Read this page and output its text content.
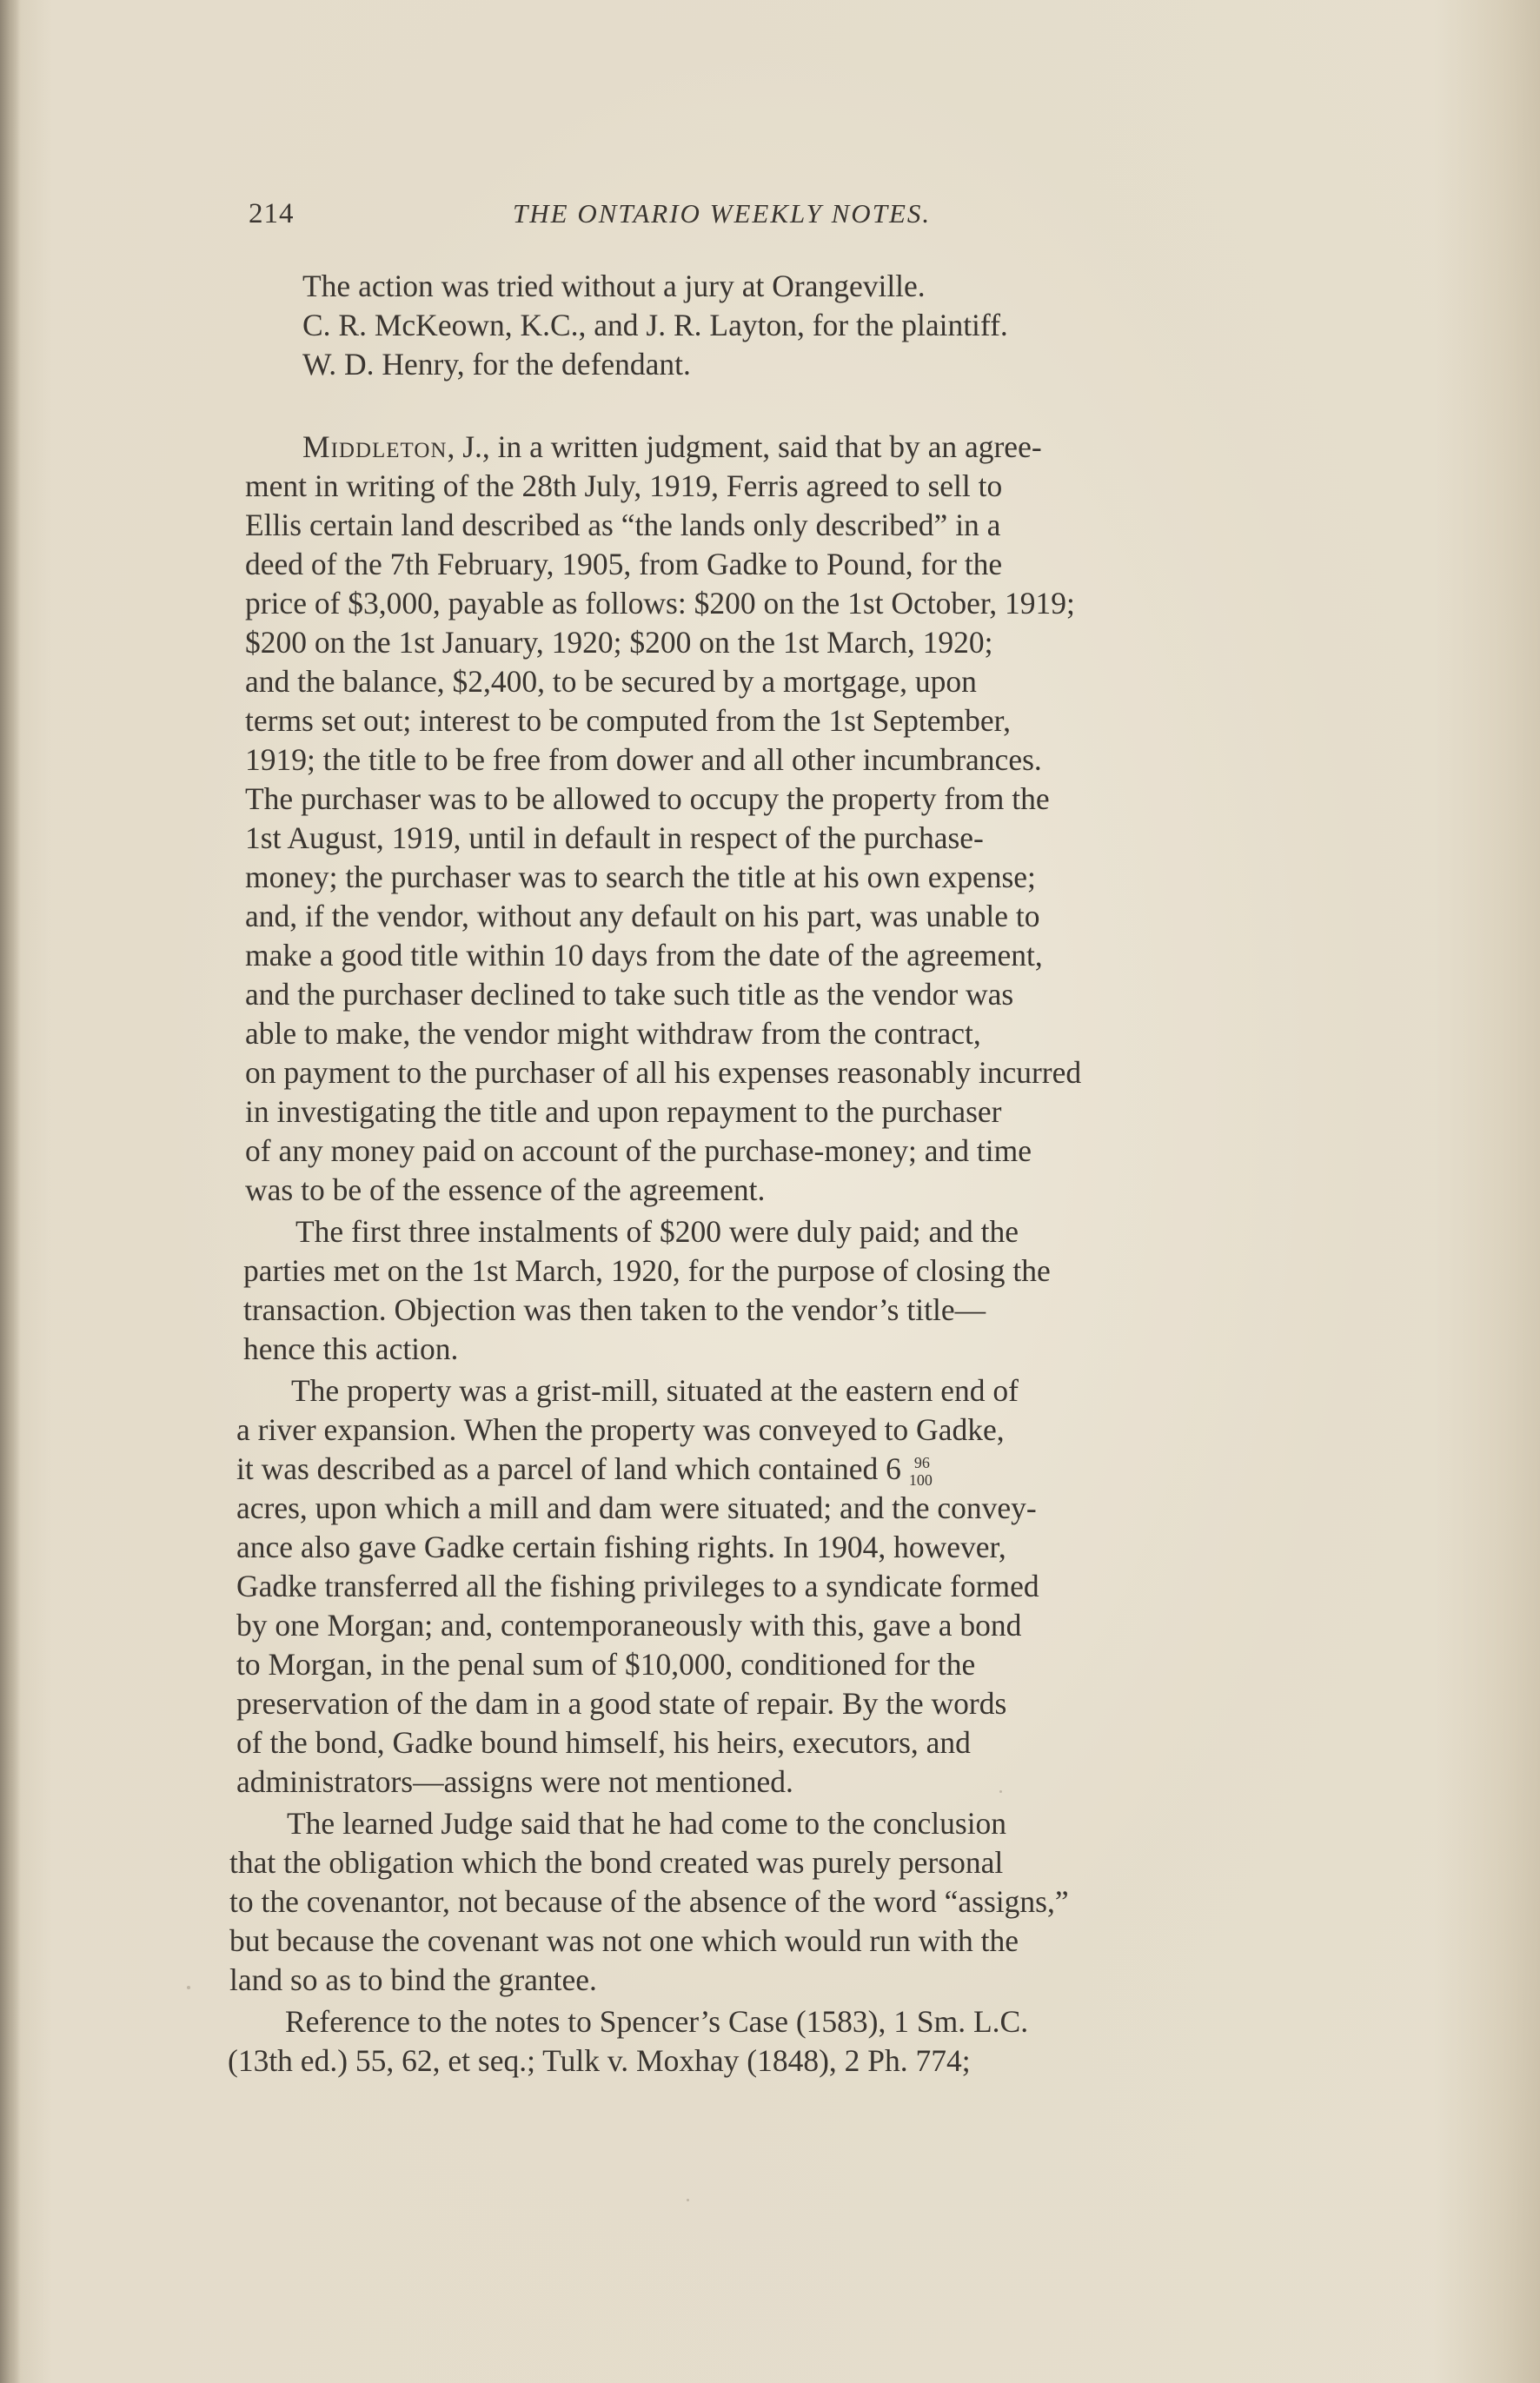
214	THE ONTARIO WEEKLY NOTES.
The action was tried without a jury at Orangeville.
C. R. McKeown, K.C., and J. R. Layton, for the plaintiff.
W. D. Henry, for the defendant.
Middleton, J., in a written judgment, said that by an agree-
ment in writing of the 28th July, 1919, Ferris agreed to sell to
Ellis certain land described as “the lands only described” in a
deed of the 7th February, 1905, from Gadke to Pound, for the
price of $3,000, payable as follows: $200 on the 1st October, 1919;
$200 on the 1st January, 1920; $200 on the 1st March, 1920;
and the balance, $2,400, to be secured by a mortgage, upon
terms set out; interest to be computed from the 1st September,
1919; the title to be free from dower and all other incumbrances.
The purchaser was to be allowed to occupy the property from the
1st August, 1919, until in default in respect of the purchase-
money; the purchaser was to search the title at his own expense;
and, if the vendor, without any default on his part, was unable to
make a good title within 10 days from the date of the agreement,
and the purchaser declined to take such title as the vendor was
able to make, the vendor might withdraw from the contract,
on payment to the purchaser of all his expenses reasonably incurred
in investigating the title and upon repayment to the purchaser
of any money paid on account of the purchase-money; and time
was to be of the essence of the agreement.
The first three instalments of $200 were duly paid; and the
parties met on the 1st March, 1920, for the purpose of closing the
transaction. Objection was then taken to the vendor’s title—
hence this action.
The property was a grist-mill, situated at the eastern end of
a river expansion. When the property was conveyed to Gadke,
it was described as a parcel of land which contained 6 96
100
acres, upon which a mill and dam were situated; and the convey-
ance also gave Gadke certain fishing rights. In 1904, however,
Gadke transferred all the fishing privileges to a syndicate formed
by one Morgan; and, contemporaneously with this, gave a bond
to Morgan, in the penal sum of $10,000, conditioned for the
preservation of the dam in a good state of repair. By the words
of the bond, Gadke bound himself, his heirs, executors, and
administrators—assigns were not mentioned.
The learned Judge said that he had come to the conclusion
that the obligation which the bond created was purely personal
to the covenantor, not because of the absence of the word “assigns,”
but because the covenant was not one which would run with the
land so as to bind the grantee.
Reference to the notes to Spencer’s Case (1583), 1 Sm. L.C.
(13th ed.) 55, 62, et seq.; Tulk v. Moxhay (1848), 2 Ph. 774;
